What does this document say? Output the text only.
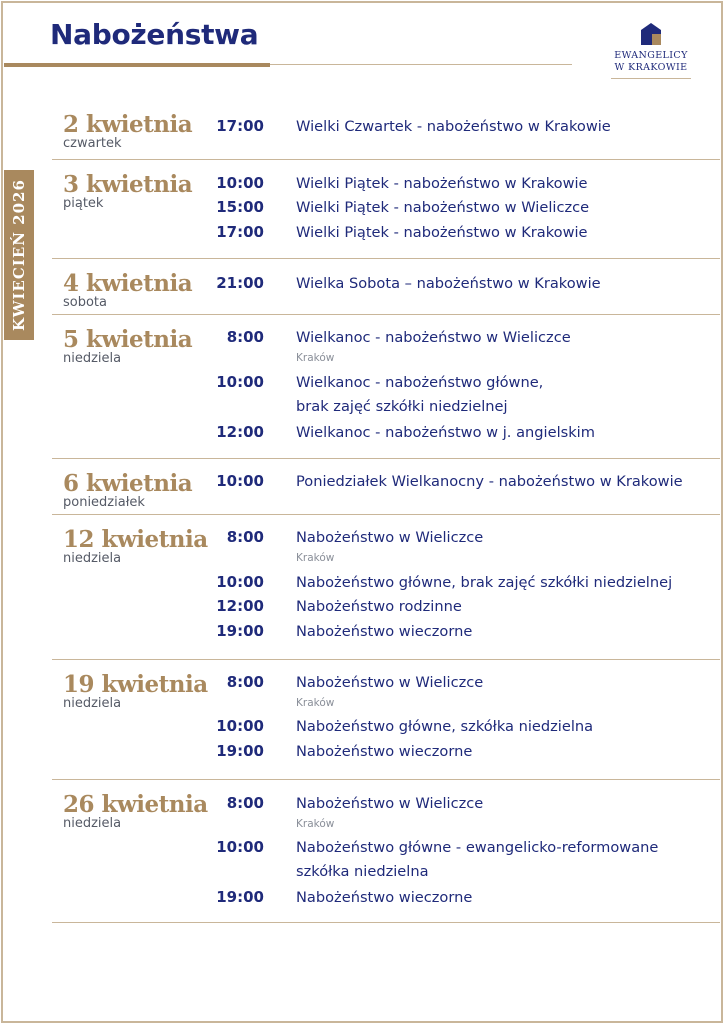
Nabożeństwa
EWANGELICY
W KRAKOWIE
KWIECIEŃ 2026
2 kwietnia
czwartek
17:00 Wielki Czwartek - nabożeństwo w Krakowie
3 kwietnia
piątek
10:00 Wielki Piątek - nabożeństwo w Krakowie
15:00 Wielki Piątek - nabożeństwo w Wieliczce
17:00 Wielki Piątek - nabożeństwo w Krakowie
4 kwietnia
sobota
21:00 Wielka Sobota – nabożeństwo w Krakowie
5 kwietnia
niedziela
8:00 Wielkanoc - nabożeństwo w Wieliczce
Kraków
10:00 Wielkanoc - nabożeństwo główne,
brak zajęć szkółki niedzielnej
12:00 Wielkanoc - nabożeństwo w j. angielskim
6 kwietnia
poniedziałek
10:00 Poniedziałek Wielkanocny - nabożeństwo w Krakowie
12 kwietnia
niedziela
8:00 Nabożeństwo w Wieliczce
Kraków
10:00 Nabożeństwo główne, brak zajęć szkółki niedzielnej
12:00 Nabożeństwo rodzinne
19:00 Nabożeństwo wieczorne
19 kwietnia
niedziela
8:00 Nabożeństwo w Wieliczce
Kraków
10:00 Nabożeństwo główne, szkółka niedzielna
19:00 Nabożeństwo wieczorne
26 kwietnia
niedziela
8:00 Nabożeństwo w Wieliczce
Kraków
10:00 Nabożeństwo główne - ewangelicko-reformowane
szkółka niedzielna
19:00 Nabożeństwo wieczorne
